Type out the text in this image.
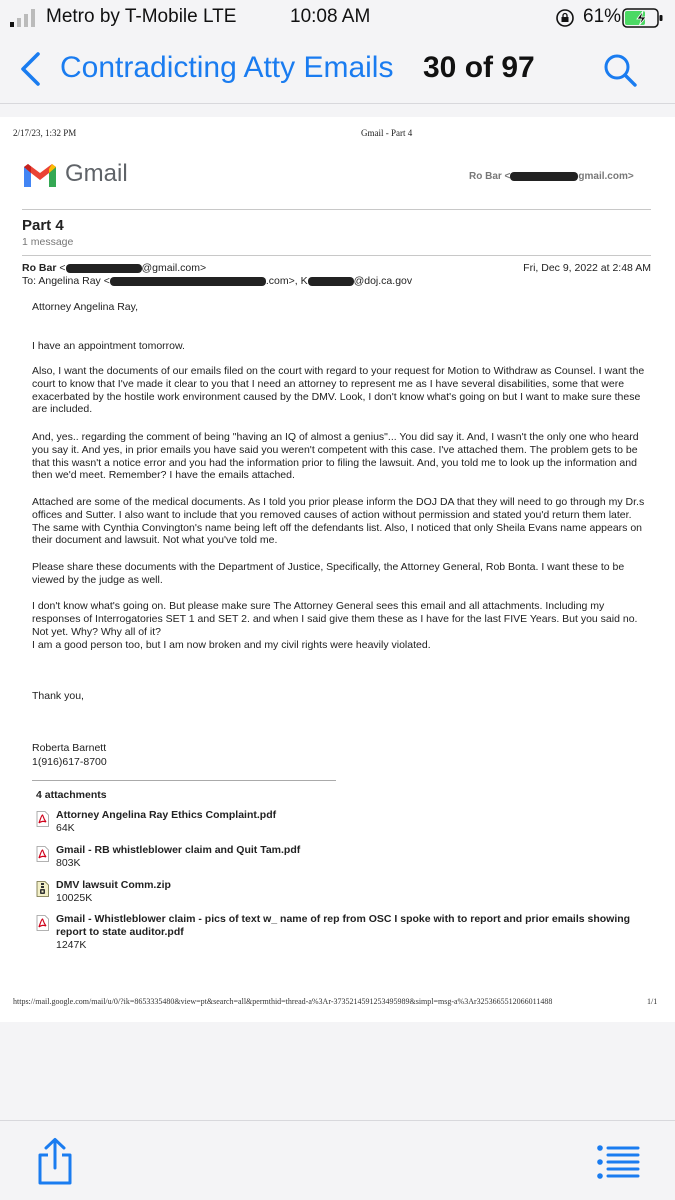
Metro by T-Mobile LTE	10:08 AM	61%
Contradicting Atty Emails 30 of 97
2/17/23, 1:32 PM	Gmail - Part 4
Gmail	Ro Bar <	gmail.com>
Part 4
1 message
Ro Bar <	@gmail.com>	Fri, Dec 9, 2022 at 2:48 AM
To: Angelina Ray <	.com>, K	@doj.ca.gov
Attorney Angelina Ray,
I have an appointment tomorrow.
Also, I want the documents of our emails filed on the court with regard to your request for Motion to Withdraw as Counsel. I want the court to know that I've made it clear to you that I need an attorney to represent me as I have several disabilities, some that were exacerbated by the hostile work environment caused by the DMV. Look, I don't know what's going on but I want to make sure these are included.
And, yes.. regarding the comment of being "having an IQ of almost a genius"... You did say it. And, I wasn't the only one who heard you say it. And yes, in prior emails you have said you weren't competent with this case. I've attached them. The problem gets to be that this wasn't a notice error and you had the information prior to filing the lawsuit. And, you told me to look up the information and then we'd meet. Remember? I have the emails attached.
Attached are some of the medical documents. As I told you prior please inform the DOJ DA that they will need to go through my Dr.s offices and Sutter. I also want to include that you removed causes of action without permission and stated you'd return them later. The same with Cynthia Convington's name being left off the defendants list. Also, I noticed that only Sheila Evans name appears on their document and lawsuit. Not what you've told me.
Please share these documents with the Department of Justice, Specifically, the Attorney General, Rob Bonta. I want these to be viewed by the judge as well.
I don't know what's going on. But please make sure The Attorney General sees this email and all attachments. Including my responses of Interrogatories SET 1 and SET 2. and when I said give them these as I have for the last FIVE Years. But you said no. Not yet. Why? Why all of it?
I am a good person too, but I am now broken and my civil rights were heavily violated.
Thank you,
Roberta Barnett
1(916)617-8700
4 attachments
Attorney Angelina Ray Ethics Complaint.pdf
64K
Gmail - RB whistleblower claim and Quit Tam.pdf
803K
DMV lawsuit Comm.zip
10025K
Gmail - Whistleblower claim - pics of text w_ name of rep from OSC I spoke with to report and prior emails showing report to state auditor.pdf
1247K
https://mail.google.com/mail/u/0/?ik=8653335480&view=pt&search=all&permthid=thread-a%3Ar-3735214591253495989&simpl=msg-a%3Ar3253665512066011488	1/1
